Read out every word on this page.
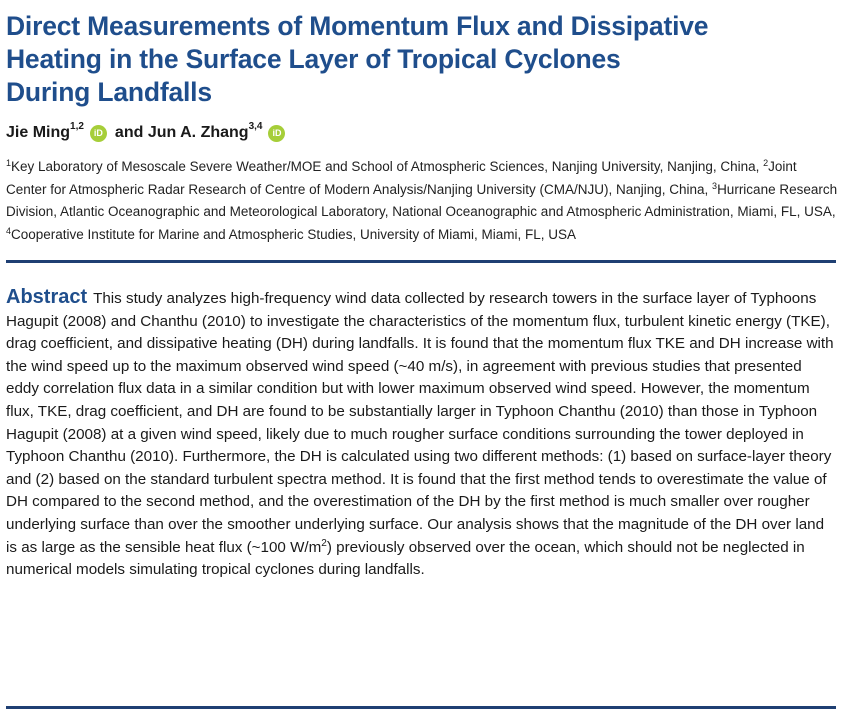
Direct Measurements of Momentum Flux and Dissipative
Heating in the Surface Layer of Tropical Cyclones
During Landfalls
Jie Ming$^{1,2}$
iD and
Jun A. Zhang$^{3,4}$
iD
$^1$Key Laboratory of Mesoscale Severe Weather/MOE and School of Atmospheric Sciences, Nanjing University, Nanjing, China, $^2$Joint Center for Atmospheric Radar Research of Centre of Modern Analysis/Nanjing University (CMA/NJU), Nanjing, China, $^3$Hurricane Research Division, Atlantic Oceanographic and Meteorological Laboratory, National Oceanographic and Atmospheric Administration, Miami, FL, USA, $^4$Cooperative Institute for Marine and Atmospheric Studies, University of Miami, Miami, FL, USA

Abstract This study analyzes high-frequency wind data collected by research towers in the surface layer of Typhoons Hagupit (2008) and Chanthu (2010) to investigate the characteristics of the momentum flux, turbulent kinetic energy (TKE), drag coefficient, and dissipative heating (DH) during landfalls. It is found that the momentum flux TKE and DH increase with the wind speed up to the maximum observed wind speed (~40 m/s), in agreement with previous studies that presented eddy correlation flux data in a similar condition but with lower maximum observed wind speed. However, the momentum flux, TKE, drag coefficient, and DH are found to be substantially larger in Typhoon Chanthu (2010) than those in Typhoon Hagupit (2008) at a given wind speed, likely due to much rougher surface conditions surrounding the tower deployed in Typhoon Chanthu (2010). Furthermore, the DH is calculated using two different methods: (1) based on surface-layer theory and (2) based on the standard turbulent spectra method. It is found that the first method tends to overestimate the value of DH compared to the second method, and the overestimation of the DH by the first method is much smaller over rougher underlying surface than over the smoother underlying surface. Our analysis shows that the magnitude of the DH over land is as large as the sensible heat flux (~100 $W/m^2$) previously observed over the ocean, which should not be neglected in numerical models simulating tropical cyclones during landfalls.
